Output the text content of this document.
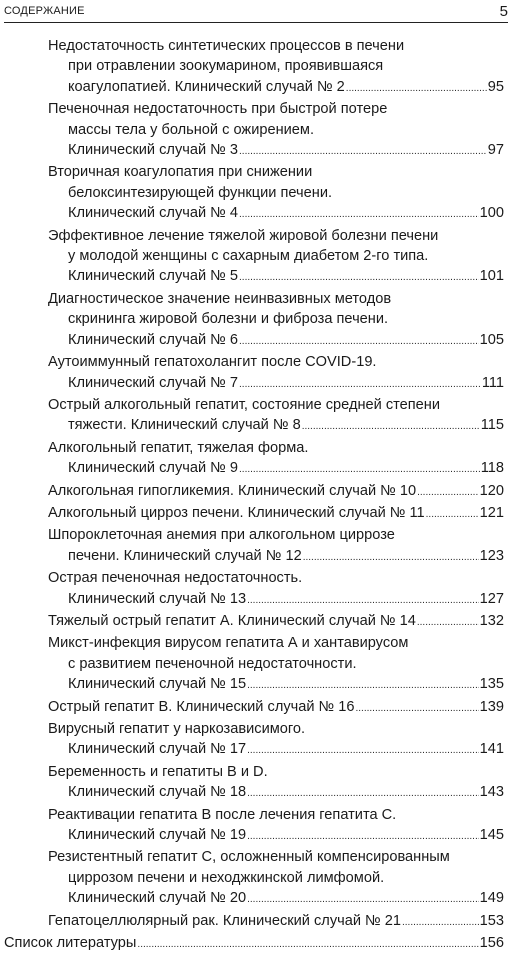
СОДЕРЖАНИЕ	5
Недостаточность синтетических процессов в печени
при отравлении зоокумарином, проявившаяся
коагулопатией. Клинический случай № 2 .....	95
Печеночная недостаточность при быстрой потере
массы тела у больной с ожирением.
Клинический случай № 3 .....	97
Вторичная коагулопатия при снижении
белоксинтезирующей функции печени.
Клинический случай № 4 .....	100
Эффективное лечение тяжелой жировой болезни печени
у молодой женщины с сахарным диабетом 2-го типа.
Клинический случай № 5 .....	101
Диагностическое значение неинвазивных методов
скрининга жировой болезни и фиброза печени.
Клинический случай № 6 .....	105
Аутоиммунный гепатохолангит после COVID-19.
Клинический случай № 7 .....	111
Острый алкогольный гепатит, состояние средней степени
тяжести. Клинический случай № 8 .....	115
Алкогольный гепатит, тяжелая форма.
Клинический случай № 9 .....	118
Алкогольная гипогликемия. Клинический случай № 10 .....	120
Алкогольный цирроз печени. Клинический случай № 11 .....	121
Шпороклеточная анемия при алкогольном циррозе
печени. Клинический случай № 12 .....	123
Острая печеночная недостаточность.
Клинический случай № 13 .....	127
Тяжелый острый гепатит А. Клинический случай № 14 .....	132
Микст-инфекция вирусом гепатита А и хантавирусом
с развитием печеночной недостаточности.
Клинический случай № 15 .....	135
Острый гепатит В. Клинический случай № 16 .....	139
Вирусный гепатит у наркозависимого.
Клинический случай № 17 .....	141
Беременность и гепатиты В и D.
Клинический случай № 18 .....	143
Реактивации гепатита В после лечения гепатита С.
Клинический случай № 19 .....	145
Резистентный гепатит С, осложненный компенсированным
циррозом печени и неходжкинской лимфомой.
Клинический случай № 20 .....	149
Гепатоцеллюлярный рак. Клинический случай № 21 .....	153
Список литературы .....	156
